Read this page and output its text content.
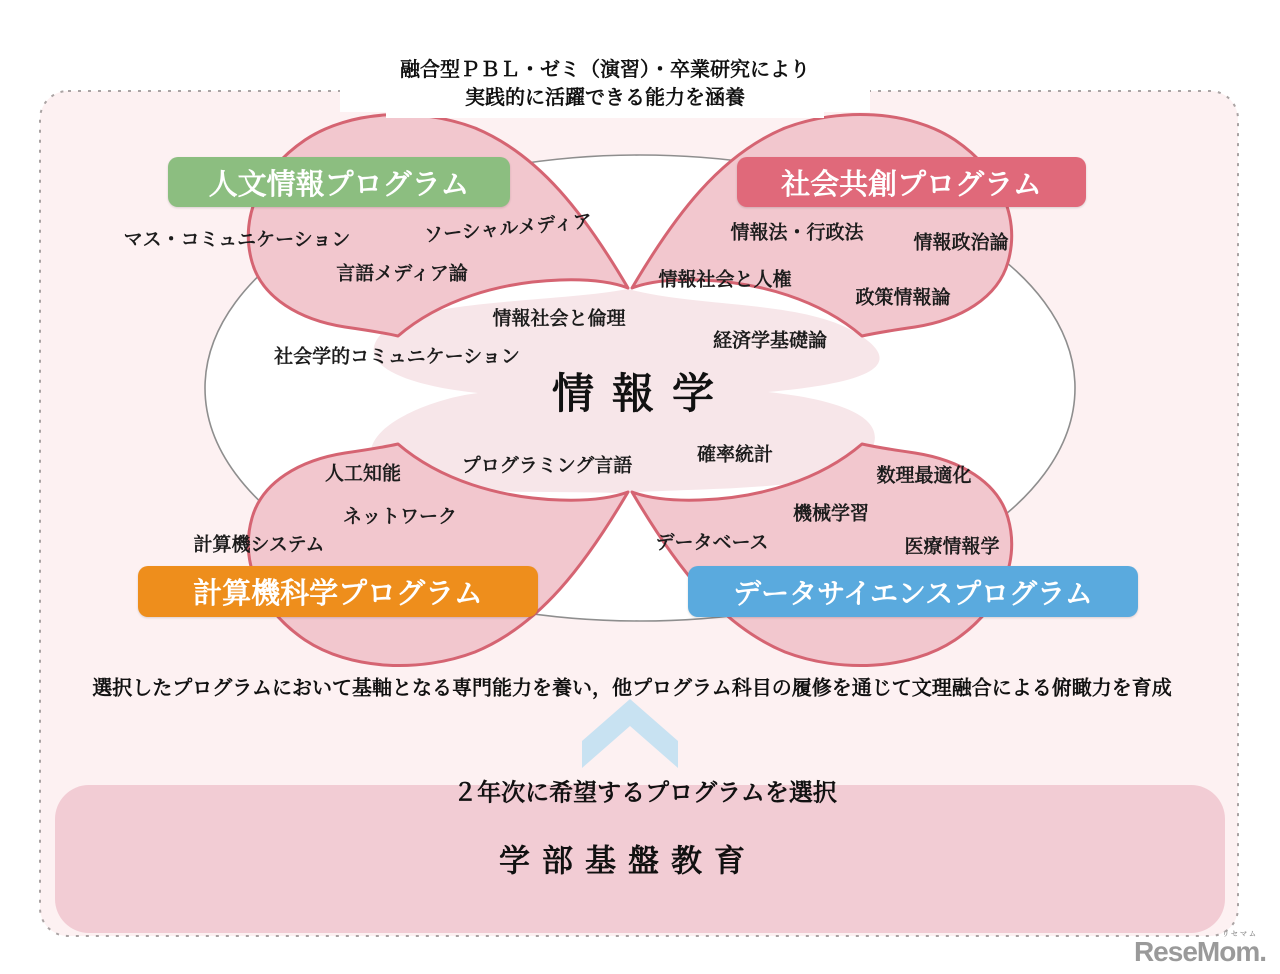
融合型ＰＢＬ・ゼミ（演習）・卒業研究により
実践的に活躍できる能力を涵養
人文情報プログラム	社会共創プログラム
計算機科学プログラム	データサイエンスプログラム
情報学
マス・コミュニケーション	ソーシャルメディア
言語メディア論
情報法・行政法	情報政治論
情報社会と人権
政策情報論
情報社会と倫理
経済学基礎論
社会学的コミュニケーション
人工知能	プログラミング言語
確率統計
数理最適化
ネットワーク	機械学習
計算機システム	データベース	医療情報学
選択したプログラムにおいて基軸となる専門能力を養い，他プログラム科目の履修を通じて文理融合による俯瞰力を育成
２年次に希望するプログラムを選択
学部基盤教育
リセマム
ReseMom.
